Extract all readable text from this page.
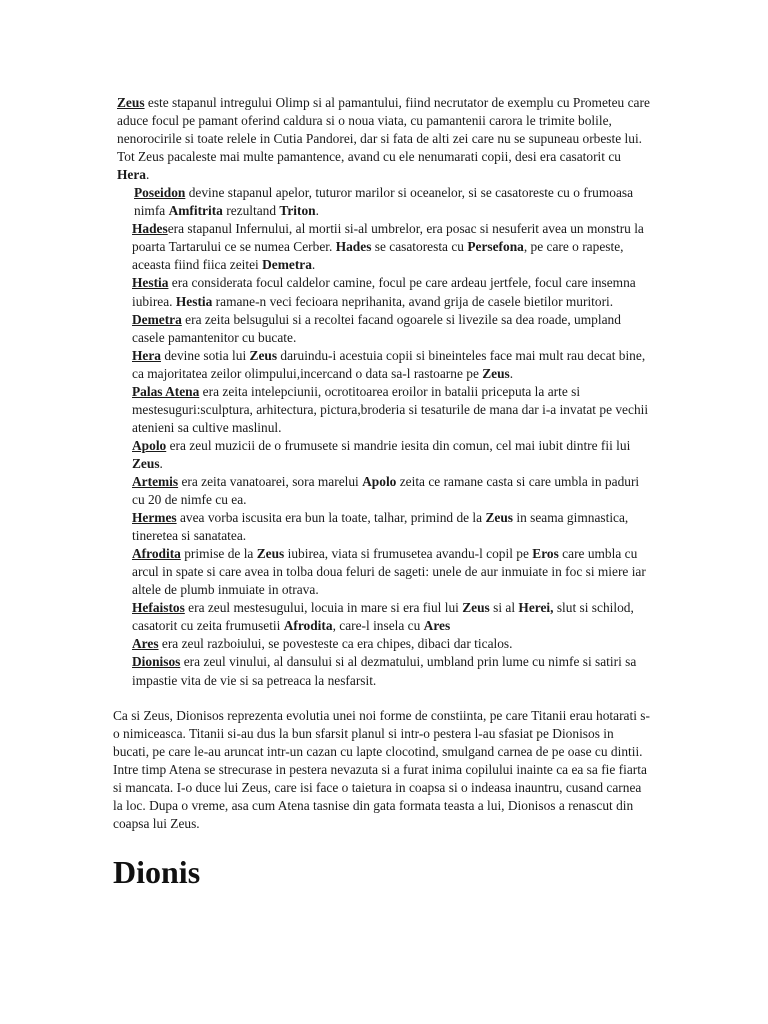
Zeus este stapanul intregului Olimp si al pamantului, fiind necrutator de exemplu cu Prometeu care aduce focul pe pamant oferind caldura si o noua viata, cu pamantenii carora le trimite bolile, nenorocirile si toate relele in Cutia Pandorei, dar si fata de alti zei care nu se supuneau orbeste lui. Tot Zeus pacaleste mai multe pamantence, avand cu ele nenumarati copii, desi era casatorit cu Hera.

Poseidon devine stapanul apelor, tuturor marilor si oceanelor, si se casatoreste cu o frumoasa nimfa Amfitrita rezultand Triton.

Hadesera stapanul Infernului, al mortii si-al umbrelor, era posac si nesuferit avea un monstru la poarta Tartarului ce se numea Cerber. Hades se casatoresta cu Persefona, pe care o rapeste, aceasta fiind fiica zeitei Demetra.

Hestia era considerata focul caldelor camine, focul pe care ardeau jertfele, focul care insemna iubirea. Hestia ramane-n veci fecioara neprihanita, avand grija de casele bietilor muritori.

Demetra era zeita belsugului si a recoltei facand ogoarele si livezile sa dea roade, umpland casele pamantenitor cu bucate.

Hera devine sotia lui Zeus daruindu-i acestuia copii si bineinteles face mai mult rau decat bine, ca majoritatea zeilor olimpului,incercand o data sa-l rastoarne pe Zeus.

Palas Atena era zeita intelepciunii, ocrotitoarea eroilor in batalii priceputa la arte si mestesuguri:sculptura, arhitectura, pictura,broderia si tesaturile de mana dar i-a invatat pe vechii atenieni sa cultive maslinul.

Apolo era zeul muzicii de o frumusete si mandrie iesita din comun, cel mai iubit dintre fii lui Zeus.

Artemis era zeita vanatoarei, sora marelui Apolo zeita ce ramane casta si care umbla in paduri cu 20 de nimfe cu ea.

Hermes avea vorba iscusita era bun la toate, talhar, primind de la Zeus in seama gimnastica, tineretea si sanatatea.

Afrodita primise de la Zeus iubirea, viata si frumusetea avandu-l copil pe Eros care umbla cu arcul in spate si care avea in tolba doua feluri de sageti: unele de aur inmuiate in foc si miere iar altele de plumb inmuiate in otrava.

Hefaistos era zeul mestesugului, locuia in mare si era fiul lui Zeus si al Herei, slut si schilod, casatorit cu zeita frumusetii Afrodita, care-l insela cu Ares

Ares era zeul razboiului, se povesteste ca era chipes, dibaci dar ticalos.

Dionisos era zeul vinului, al dansului si al dezmatului, umbland prin lume cu nimfe si satiri sa impastie vita de vie si sa petreaca la nesfarsit.

Ca si Zeus, Dionisos reprezenta evolutia unei noi forme de constiinta, pe care Titanii erau hotarati s-o nimiceasca. Titanii si-au dus la bun sfarsit planul si intr-o pestera l-au sfasiat pe Dionisos in bucati, pe care le-au aruncat intr-un cazan cu lapte clocotind, smulgand carnea de pe oase cu dintii. Intre timp Atena se strecurase in pestera nevazuta si a furat inima copilului inainte ca ea sa fie fiarta si mancata. I-o duce lui Zeus, care isi face o taietura in coapsa si o indeasa inauntru, cusand carnea la loc. Dupa o vreme, asa cum Atena tasnise din gata formata teasta a lui, Dionisos a renascut din coapsa lui Zeus.

Dionis
